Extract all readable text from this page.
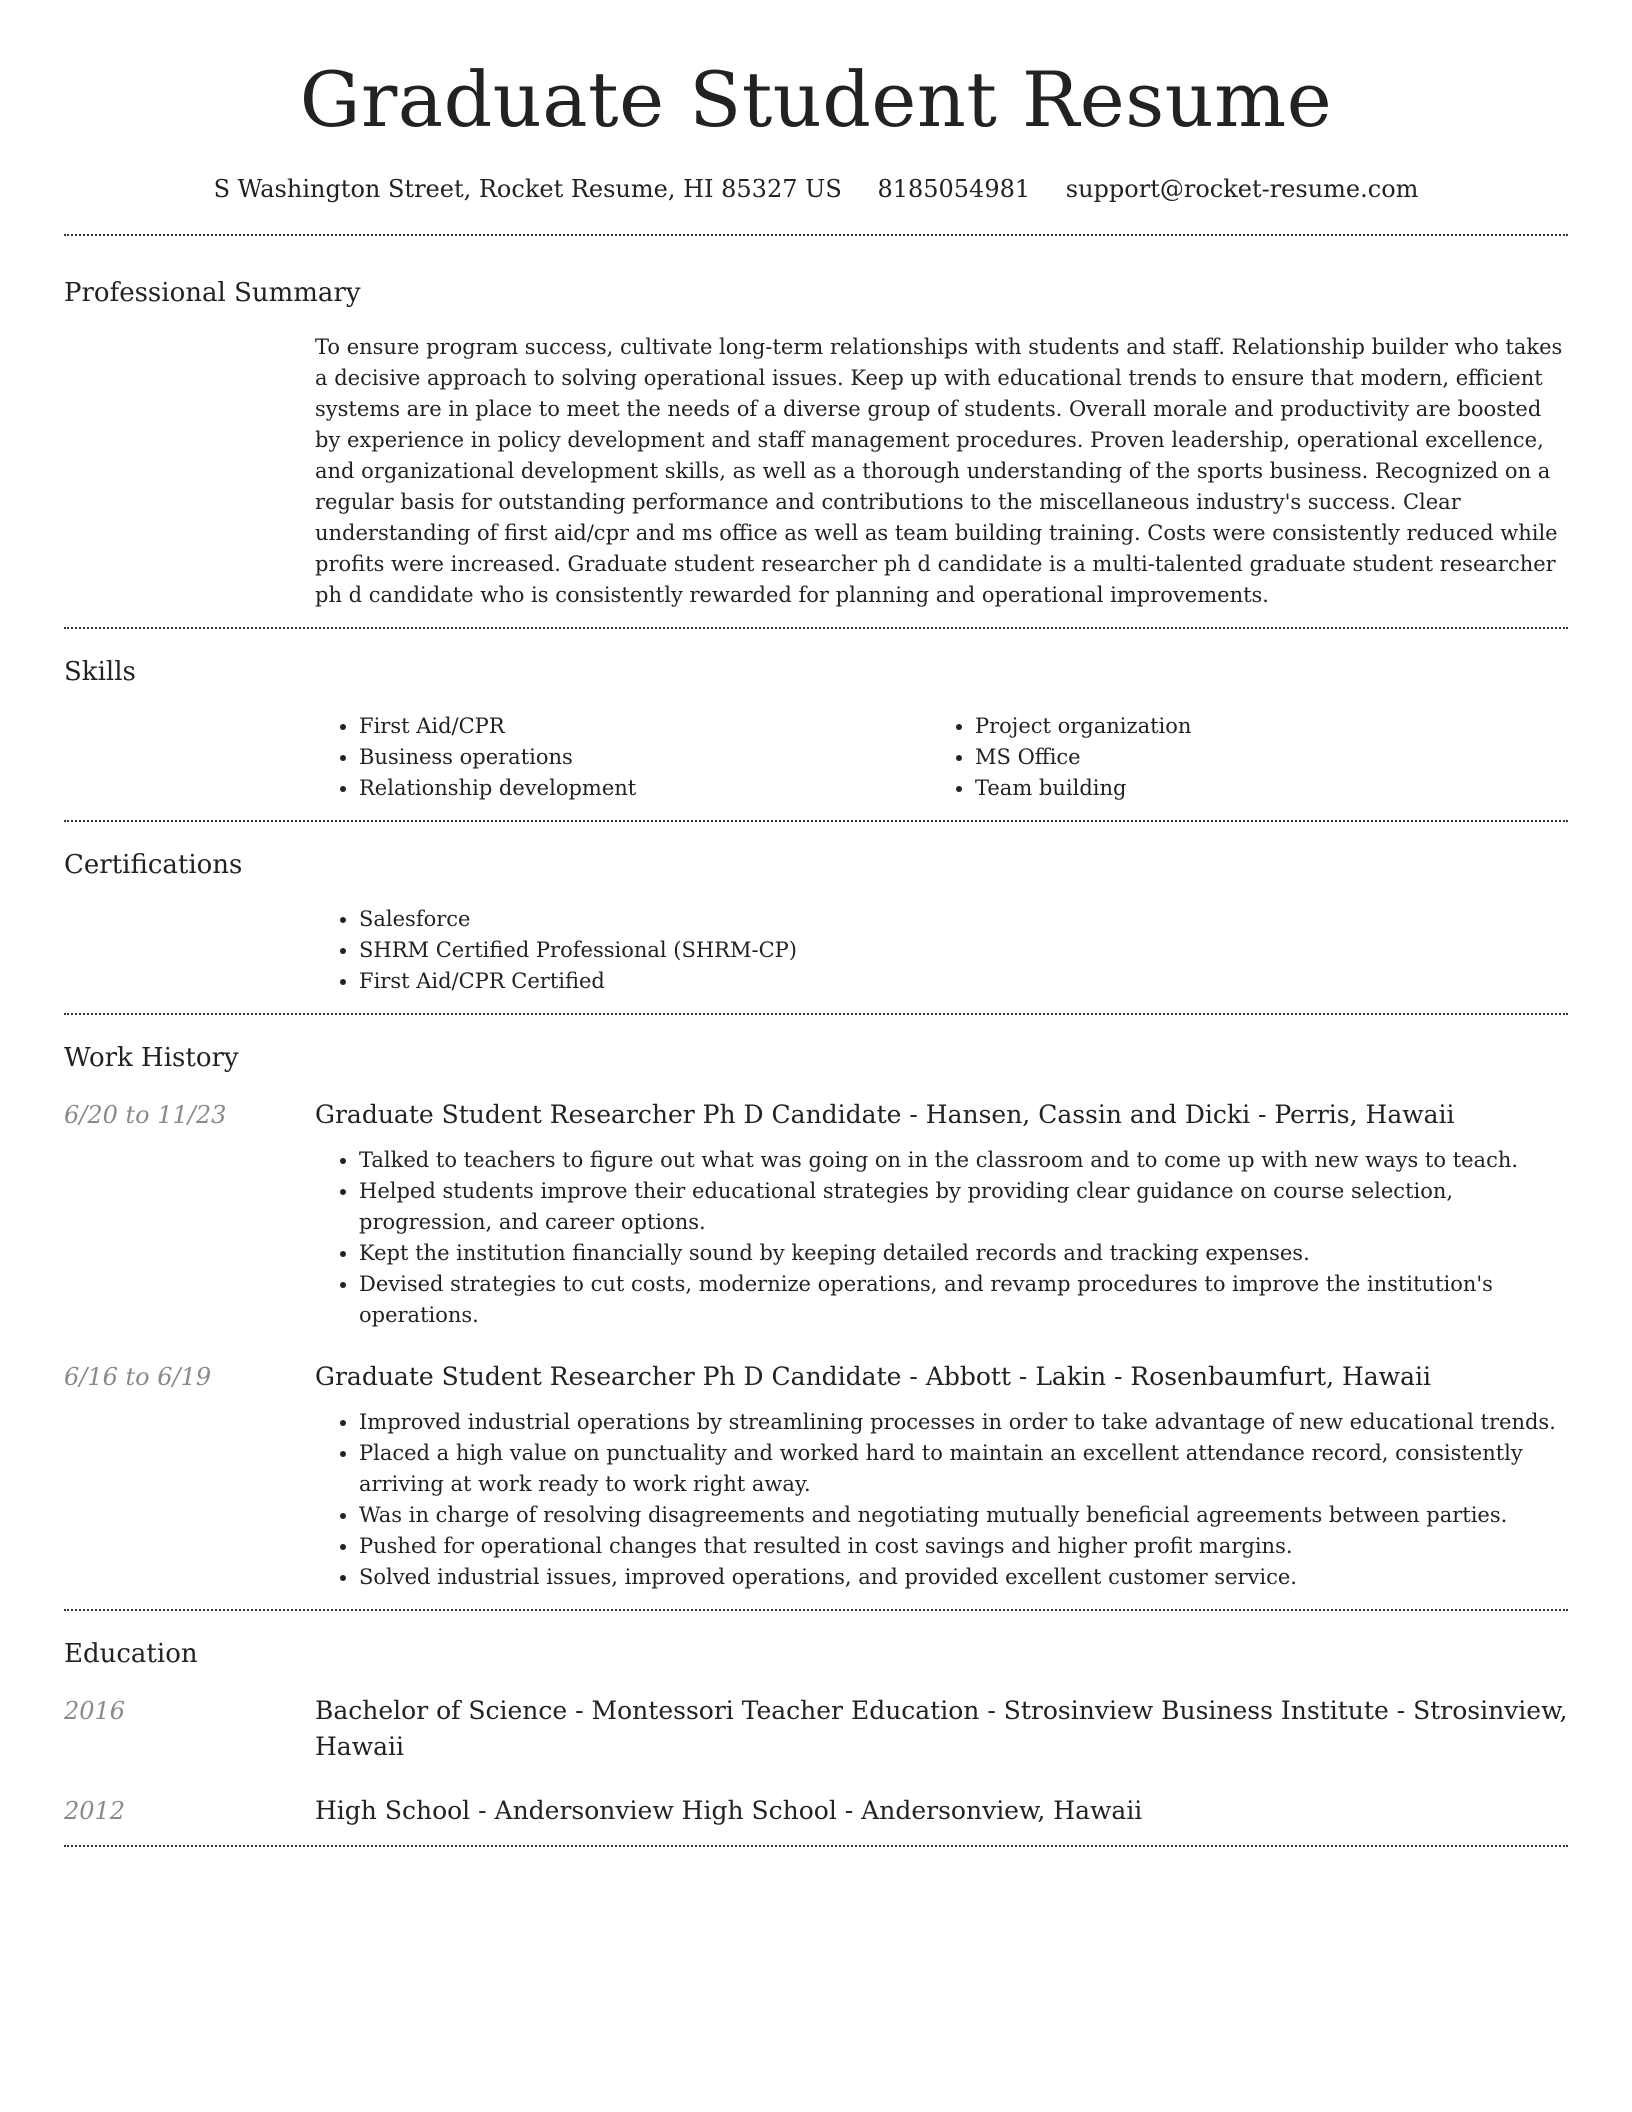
Graduate Student Resume
S Washington Street, Rocket Resume, HI 85327 US 8185054981 support@rocket-resume.com
Professional Summary
To ensure program success, cultivate long-term relationships with students and staff. Relationship builder who takes a decisive approach to solving operational issues. Keep up with educational trends to ensure that modern, efficient systems are in place to meet the needs of a diverse group of students. Overall morale and productivity are boosted by experience in policy development and staff management procedures. Proven leadership, operational excellence, and organizational development skills, as well as a thorough understanding of the sports business. Recognized on a regular basis for outstanding performance and contributions to the miscellaneous industry's success. Clear understanding of first aid/cpr and ms office as well as team building training. Costs were consistently reduced while profits were increased. Graduate student researcher ph d candidate is a multi-talented graduate student researcher ph d candidate who is consistently rewarded for planning and operational improvements.
Skills
• First Aid/CPR
• Business operations
• Relationship development
• Project organization
• MS Office
• Team building
Certifications
• Salesforce
• SHRM Certified Professional (SHRM-CP)
• First Aid/CPR Certified
Work History
6/20 to 11/23	Graduate Student Researcher Ph D Candidate - Hansen, Cassin and Dicki - Perris, Hawaii
• Talked to teachers to figure out what was going on in the classroom and to come up with new ways to teach.
• Helped students improve their educational strategies by providing clear guidance on course selection, progression, and career options.
• Kept the institution financially sound by keeping detailed records and tracking expenses.
• Devised strategies to cut costs, modernize operations, and revamp procedures to improve the institution's operations.
6/16 to 6/19	Graduate Student Researcher Ph D Candidate - Abbott - Lakin - Rosenbaumfurt, Hawaii
• Improved industrial operations by streamlining processes in order to take advantage of new educational trends.
• Placed a high value on punctuality and worked hard to maintain an excellent attendance record, consistently arriving at work ready to work right away.
• Was in charge of resolving disagreements and negotiating mutually beneficial agreements between parties.
• Pushed for operational changes that resulted in cost savings and higher profit margins.
• Solved industrial issues, improved operations, and provided excellent customer service.
Education
2016	Bachelor of Science - Montessori Teacher Education - Strosinview Business Institute - Strosinview, Hawaii
2012	High School - Andersonview High School - Andersonview, Hawaii
